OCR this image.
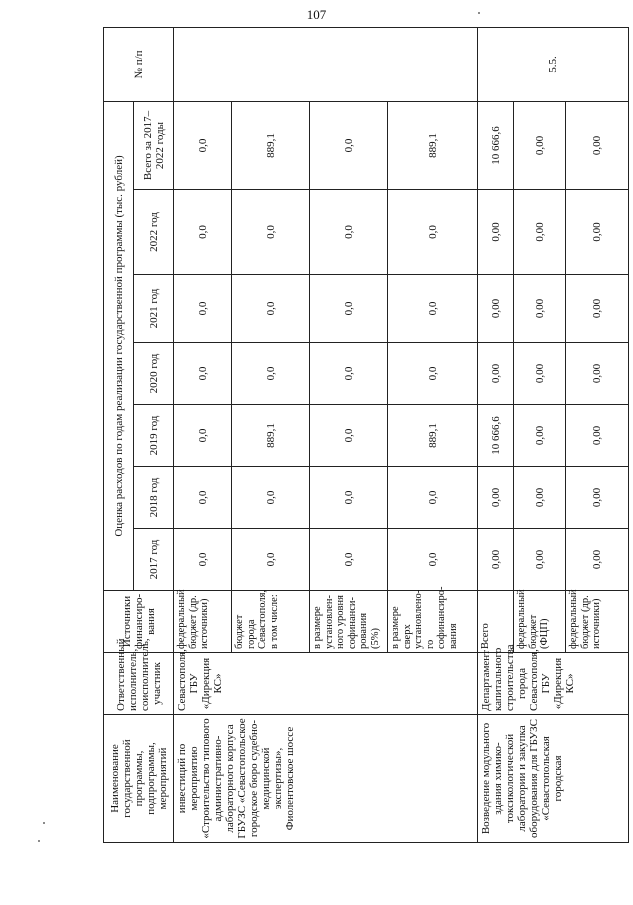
107
Наименование государственной программы, подпрограммы, мероприятий	Ответственный исполнитель, соисполнитель, участник	Источники финансиро-вания	Оценка расходов по годам реализации государственной программы (тыс. рублей)							№ п/п
			2017 год	2018 год	2019 год	2020 год	2021 год	2022 год	Всего за 2017–2022 годы	
инвестиций по мероприятию «Строительство типового административно-лабораторного корпуса ГБУЗС «Севастопольское городское бюро судебно-медицинской экспертизы», Фиолентовское шоссе	Севастополя, ГБУ «Дирекция КС»	федеральный бюджет (др. источники)	0,0	0,0	0,0	0,0	0,0	0,0	0,0	
		бюджет города Севастополя, в том числе:	0,0	0,0	889,1	0,0	0,0	0,0	889,1	
		в размере установлен-ного уровня софинанси-рования (5%)	0,0	0,0	0,0	0,0	0,0	0,0	0,0	
		в размере сверх установлено-го софинансиро-вания	0,0	0,0	889,1	0,0	0,0	0,0	889,1	
Возведение модульного здания химико-токсикологической лаборатории и закупка оборудования для ГБУЗС «Севастопольская городская	Департамент капитального строительства города Севастополя, ГБУ «Дирекция КС»	Всего	0,00	0,00	10 666,6	0,00	0,00	0,00	10 666,6	5.5.
		федеральный бюджет (ФЦП)	0,00	0,00	0,00	0,00	0,00	0,00	0,00	
		федеральный бюджет (др. источники)	0,00	0,00	0,00	0,00	0,00	0,00	0,00	
